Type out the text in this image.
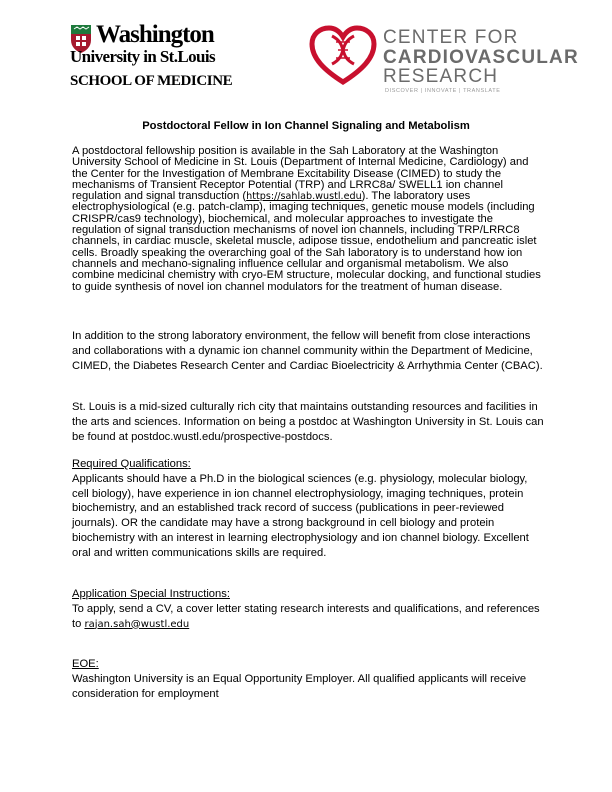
Washington
University in St.Louis
SCHOOL OF MEDICINE
CENTER FOR
CARDIOVASCULAR
RESEARCH
DISCOVER | INNOVATE | TRANSLATE
Postdoctoral Fellow in Ion Channel Signaling and Metabolism
A postdoctoral fellowship position is available in the Sah Laboratory at the Washington University School of Medicine in St. Louis (Department of Internal Medicine, Cardiology) and the Center for the Investigation of Membrane Excitability Disease (CIMED) to study the mechanisms of Transient Receptor Potential (TRP) and LRRC8a/ SWELL1 ion channel regulation and signal transduction (https://sahlab.wustl.edu). The laboratory uses electrophysiological (e.g. patch-clamp), imaging techniques, genetic mouse models (including CRISPR/cas9 technology), biochemical, and molecular approaches to investigate the regulation of signal transduction mechanisms of novel ion channels, including TRP/LRRC8 channels, in cardiac muscle, skeletal muscle, adipose tissue, endothelium and pancreatic islet cells. Broadly speaking the overarching goal of the Sah laboratory is to understand how ion channels and mechano-signaling influence cellular and organismal metabolism. We also combine medicinal chemistry with cryo-EM structure, molecular docking, and functional studies to guide synthesis of novel ion channel modulators for the treatment of human disease.
In addition to the strong laboratory environment, the fellow will benefit from close interactions and collaborations with a dynamic ion channel community within the Department of Medicine, CIMED, the Diabetes Research Center and Cardiac Bioelectricity & Arrhythmia Center (CBAC).
St. Louis is a mid-sized culturally rich city that maintains outstanding resources and facilities in the arts and sciences. Information on being a postdoc at Washington University in St. Louis can be found at postdoc.wustl.edu/prospective-postdocs.
Required Qualifications:
Applicants should have a Ph.D in the biological sciences (e.g. physiology, molecular biology, cell biology), have experience in ion channel electrophysiology, imaging techniques, protein biochemistry, and an established track record of success (publications in peer-reviewed journals). OR the candidate may have a strong background in cell biology and protein biochemistry with an interest in learning electrophysiology and ion channel biology. Excellent oral and written communications skills are required.
Application Special Instructions:
To apply, send a CV, a cover letter stating research interests and qualifications, and references to rajan.sah@wustl.edu
EOE:
Washington University is an Equal Opportunity Employer. All qualified applicants will receive consideration for employment
